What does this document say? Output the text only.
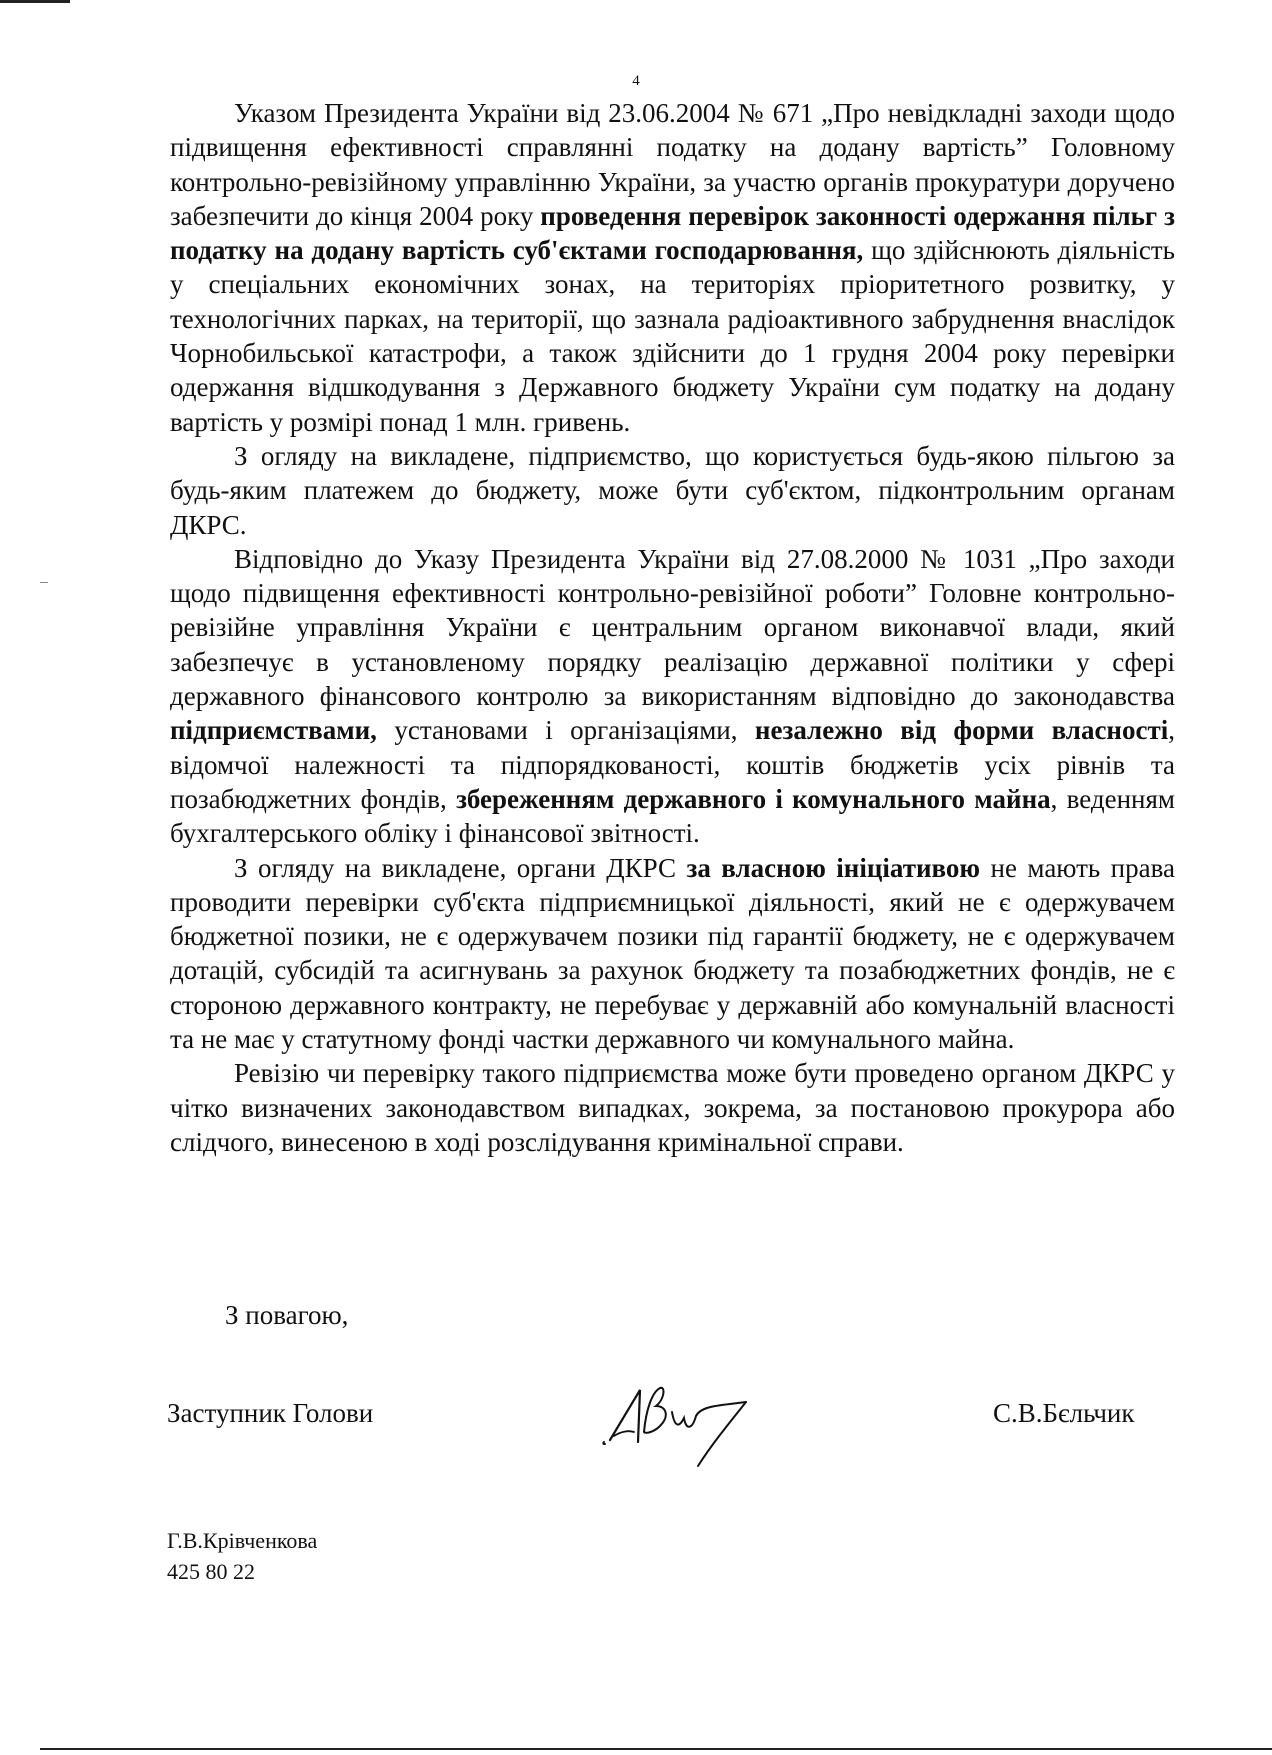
4

Указом Президента України від 23.06.2004 № 671 „Про невідкладні заходи щодо підвищення ефективності справлянні податку на додану вартість” Головному контрольно-ревізійному управлінню України, за участю органів прокуратури доручено забезпечити до кінця 2004 року проведення перевірок законності одержання пільг з податку на додану вартість суб'єктами господарювання, що здійснюють діяльність у спеціальних економічних зонах, на територіях пріоритетного розвитку, у технологічних парках, на території, що зазнала радіоактивного забруднення внаслідок Чорнобильської катастрофи, а також здійснити до 1 грудня 2004 року перевірки одержання відшкодування з Державного бюджету України сум податку на додану вартість у розмірі понад 1 млн. гривень.

З огляду на викладене, підприємство, що користується будь-якою пільгою за будь-яким платежем до бюджету, може бути суб'єктом, підконтрольним органам ДКРС.

Відповідно до Указу Президента України від 27.08.2000 № 1031 „Про заходи щодо підвищення ефективності контрольно-ревізійної роботи” Головне контрольно-ревізійне управління України є центральним органом виконавчої влади, який забезпечує в установленому порядку реалізацію державної політики у сфері державного фінансового контролю за використанням відповідно до законодавства підприємствами, установами і організаціями, незалежно від форми власності, відомчої належності та підпорядкованості, коштів бюджетів усіх рівнів та позабюджетних фондів, збереженням державного і комунального майна, веденням бухгалтерського обліку і фінансової звітності.

З огляду на викладене, органи ДКРС за власною ініціативою не мають права проводити перевірки суб'єкта підприємницької діяльності, який не є одержувачем бюджетної позики, не є одержувачем позики під гарантії бюджету, не є одержувачем дотацій, субсидій та асигнувань за рахунок бюджету та позабюджетних фондів, не є стороною державного контракту, не перебуває у державній або комунальній власності та не має у статутному фонді частки державного чи комунального майна.

Ревізію чи перевірку такого підприємства може бути проведено органом ДКРС у чітко визначених законодавством випадках, зокрема, за постановою прокурора або слідчого, винесеною в ході розслідування кримінальної справи.

З повагою,
Заступник Голови	С.В.Бєльчик
Г.В.Крівченкова
425 80 22
